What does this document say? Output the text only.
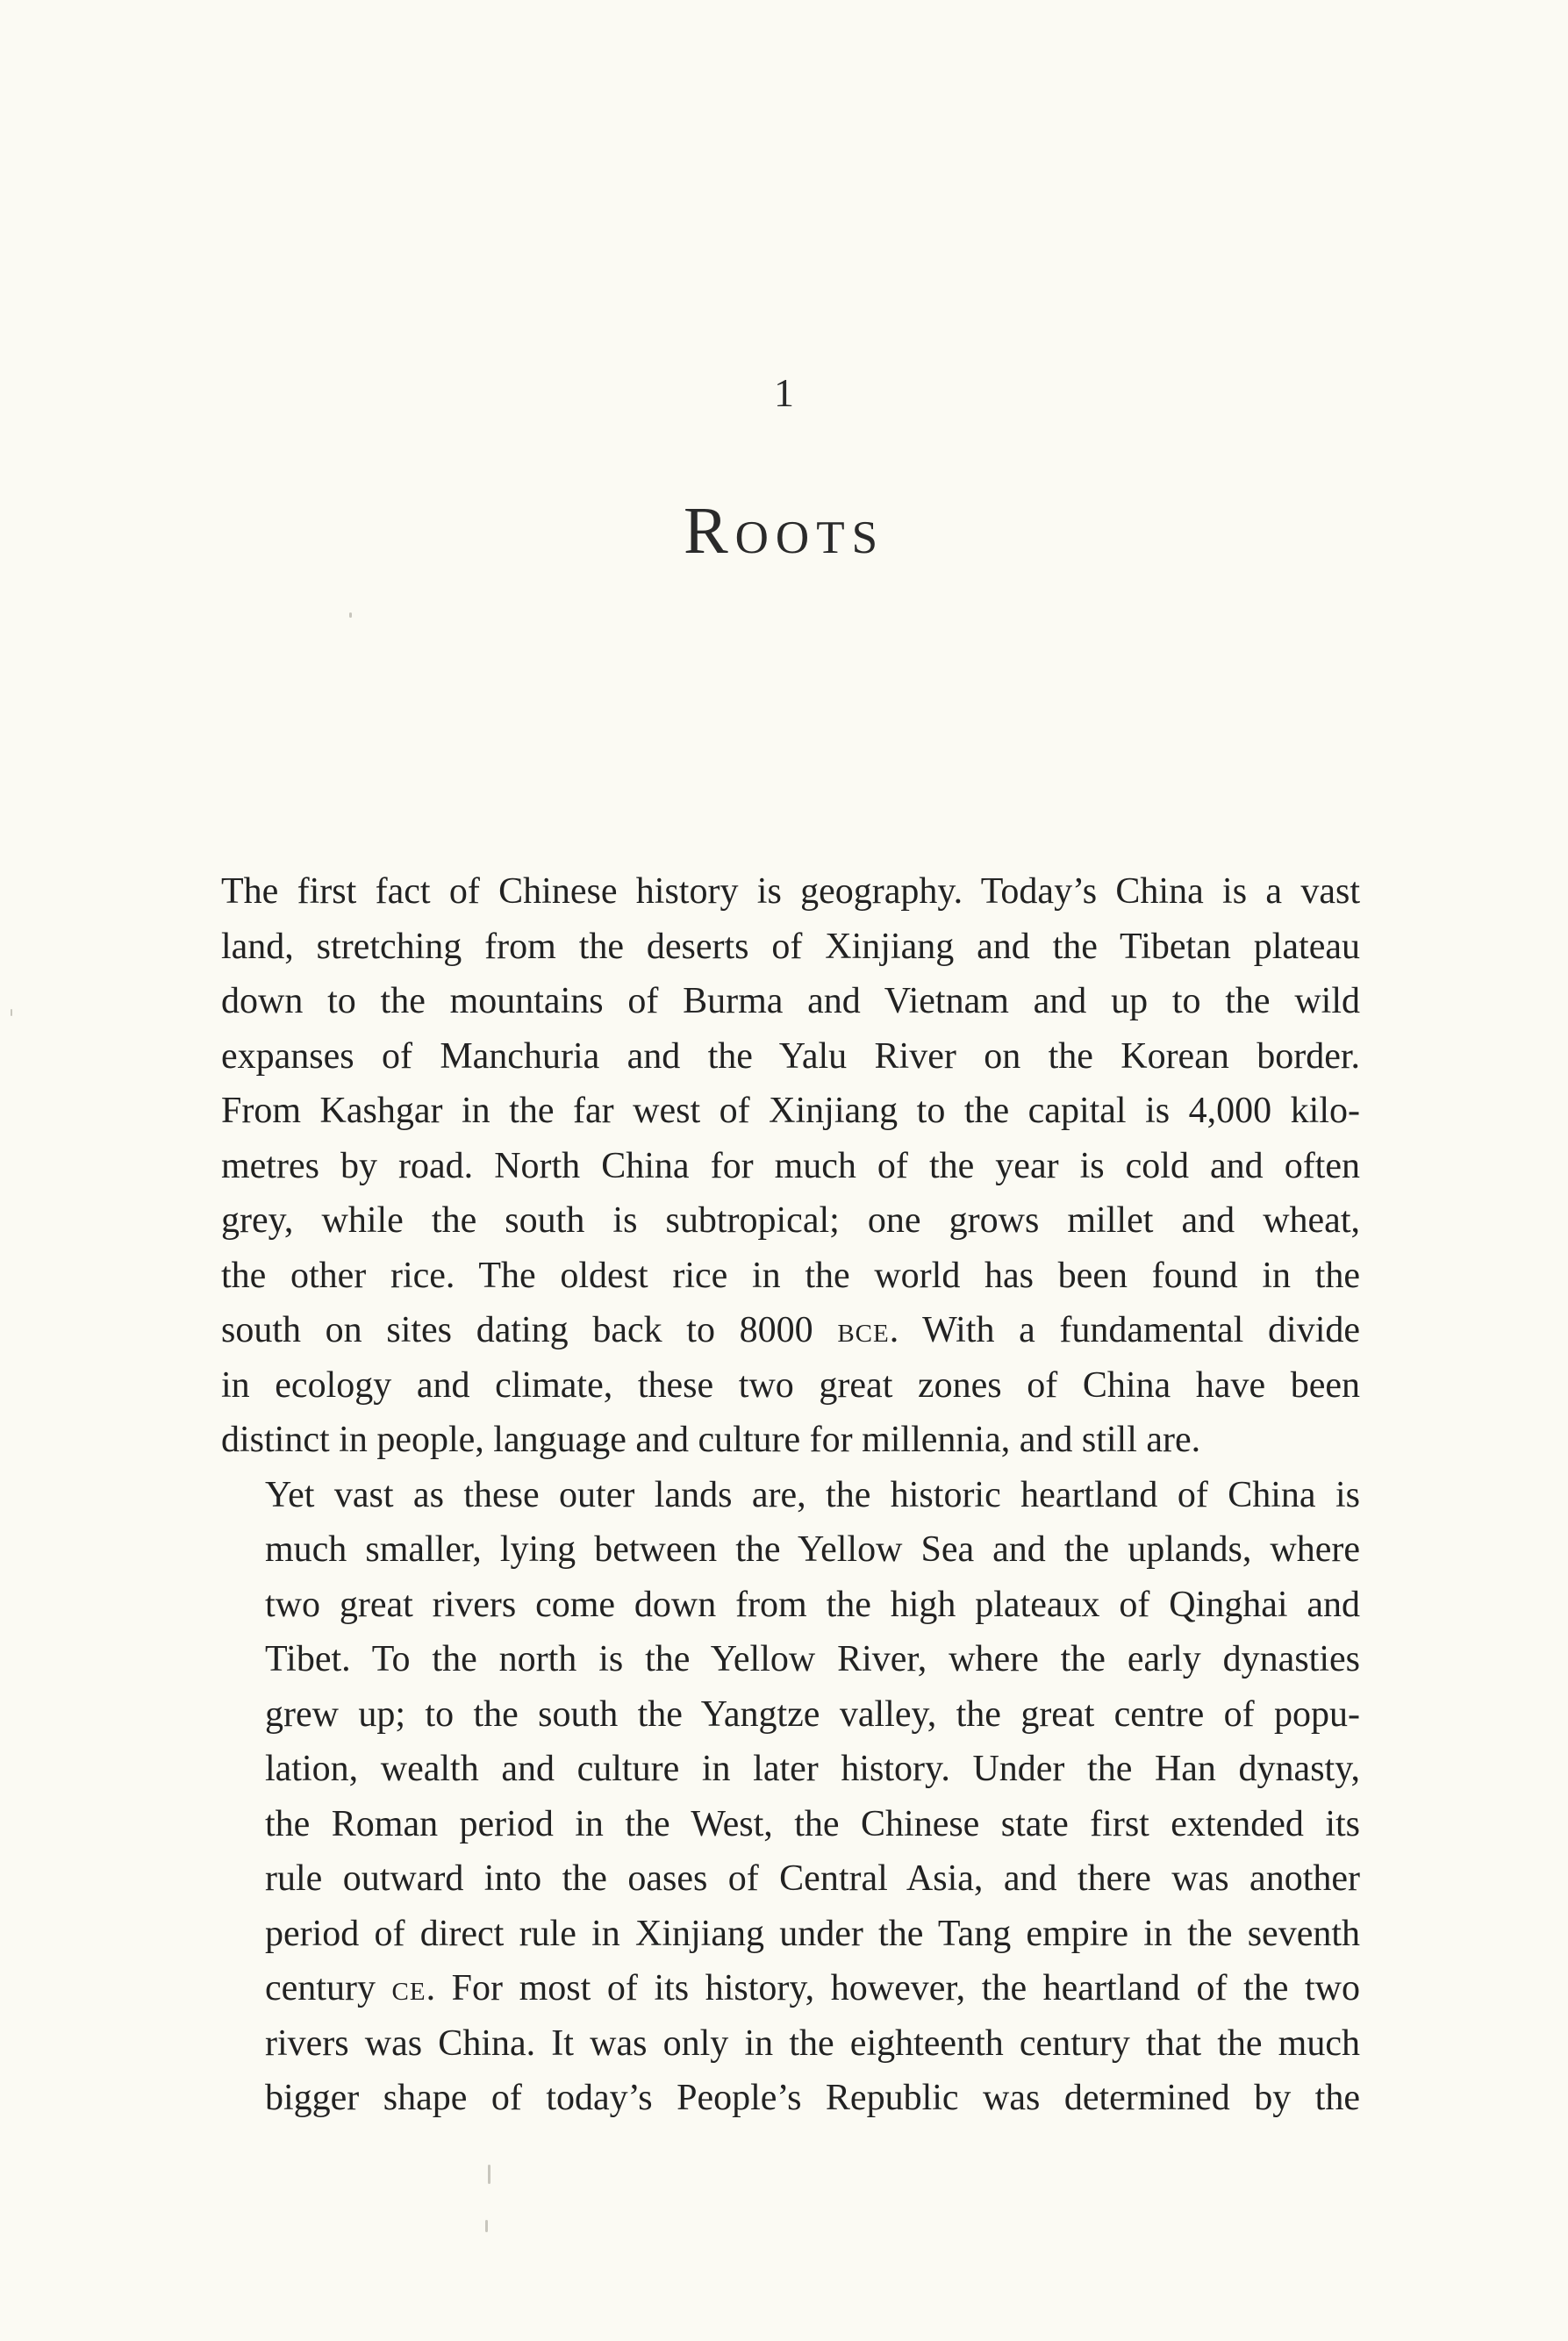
1
Roots

The first fact of Chinese history is geography. Today’s China is a vast
land, stretching from the deserts of Xinjiang and the Tibetan plateau
down to the mountains of Burma and Vietnam and up to the wild
expanses of Manchuria and the Yalu River on the Korean border.
From Kashgar in the far west of Xinjiang to the capital is 4,000 kilo-
metres by road. North China for much of the year is cold and often
grey, while the south is subtropical; one grows millet and wheat,
the other rice. The oldest rice in the world has been found in the
south on sites dating back to 8000 bce. With a fundamental divide
in ecology and climate, these two great zones of China have been
distinct in people, language and culture for millennia, and still are.

Yet vast as these outer lands are, the historic heartland of China is
much smaller, lying between the Yellow Sea and the uplands, where
two great rivers come down from the high plateaux of Qinghai and
Tibet. To the north is the Yellow River, where the early dynasties
grew up; to the south the Yangtze valley, the great centre of popu-
lation, wealth and culture in later history. Under the Han dynasty,
the Roman period in the West, the Chinese state first extended its
rule outward into the oases of Central Asia, and there was another
period of direct rule in Xinjiang under the Tang empire in the seventh
century ce. For most of its history, however, the heartland of the two
rivers was China. It was only in the eighteenth century that the much
bigger shape of today’s People’s Republic was determined by the
